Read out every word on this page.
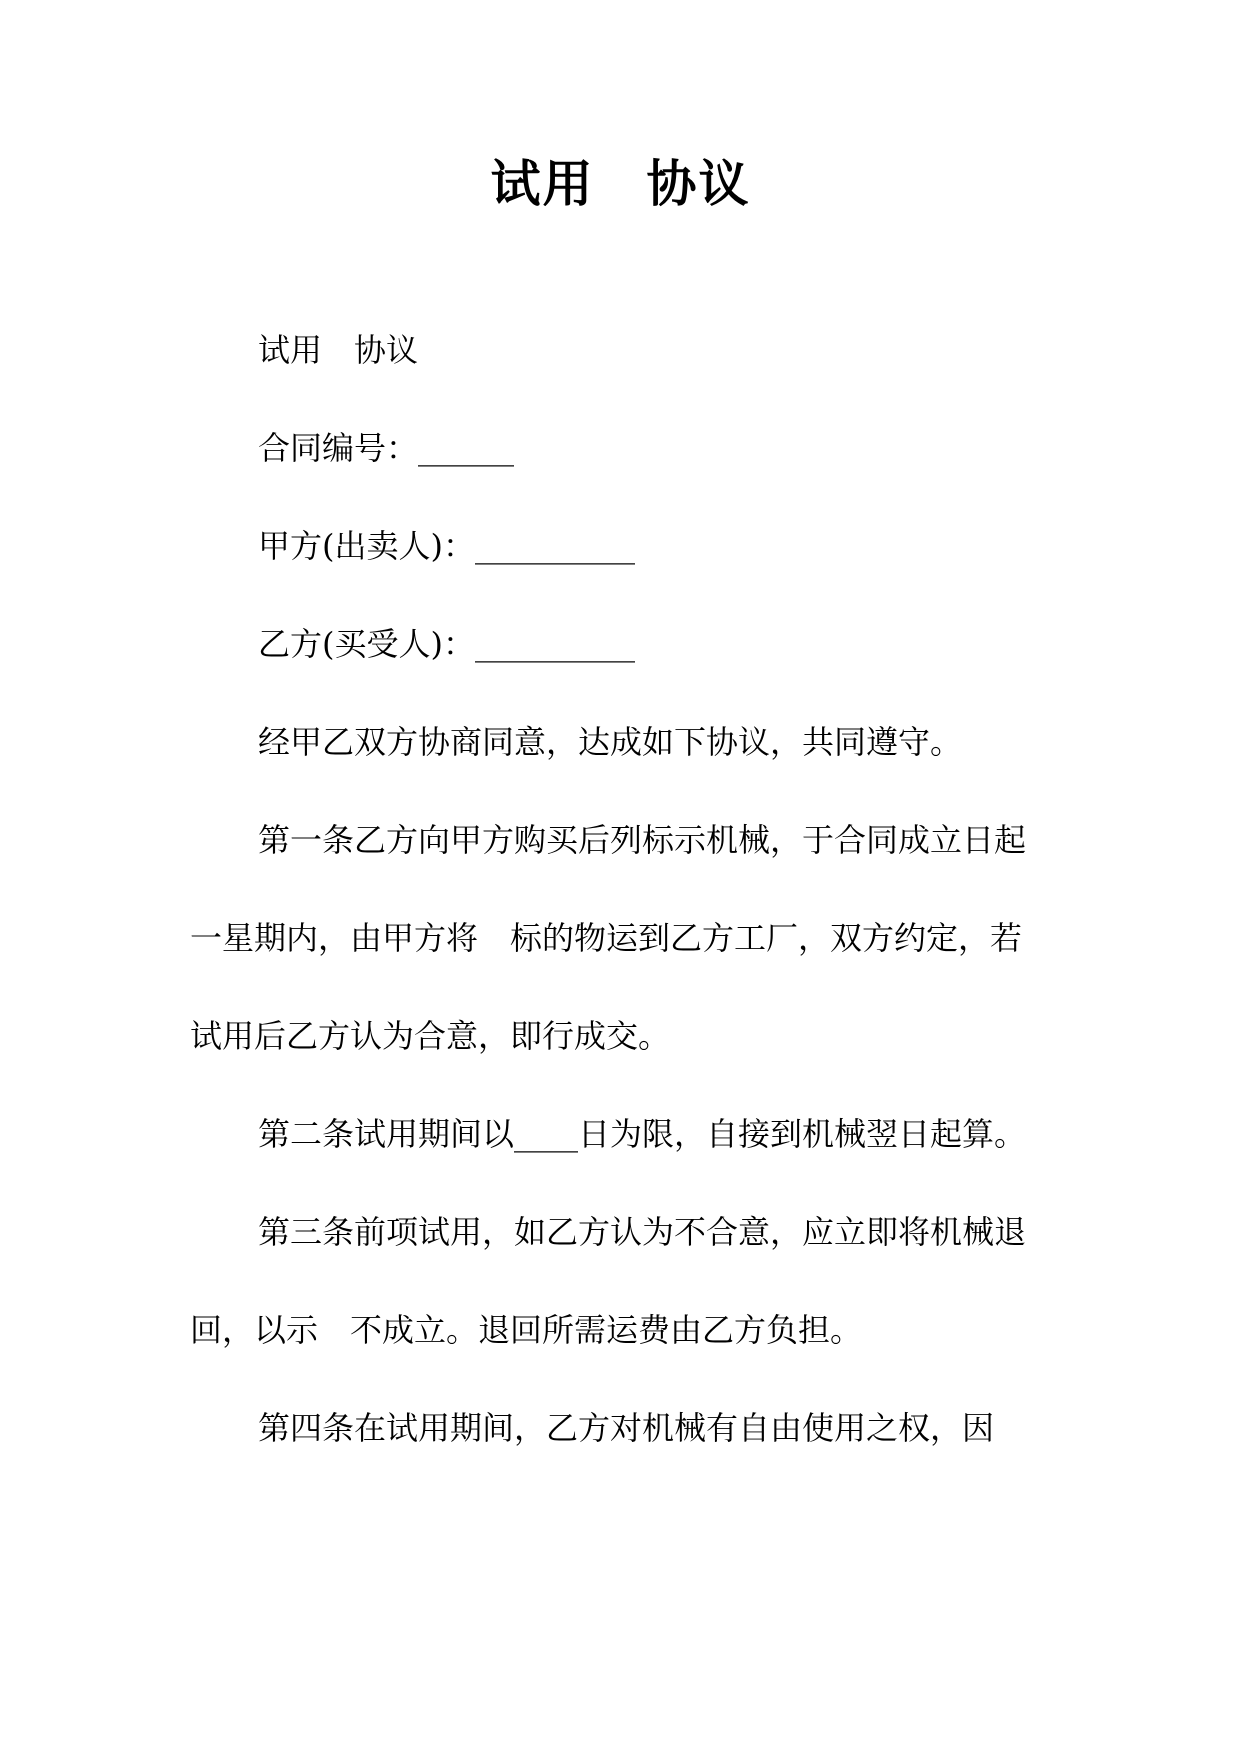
试用　协议

试用　协议

合同编号：______

甲方(出卖人)：__________

乙方(买受人)：__________

经甲乙双方协商同意，达成如下协议，共同遵守。

第一条乙方向甲方购买后列标示机械，于合同成立日起一星期内，由甲方将　标的物运到乙方工厂，双方约定，若试用后乙方认为合意，即行成交。

第二条试用期间以____日为限，自接到机械翌日起算。

第三条前项试用，如乙方认为不合意，应立即将机械退回，以示　不成立。退回所需运费由乙方负担。

第四条在试用期间，乙方对机械有自由使用之权，因
